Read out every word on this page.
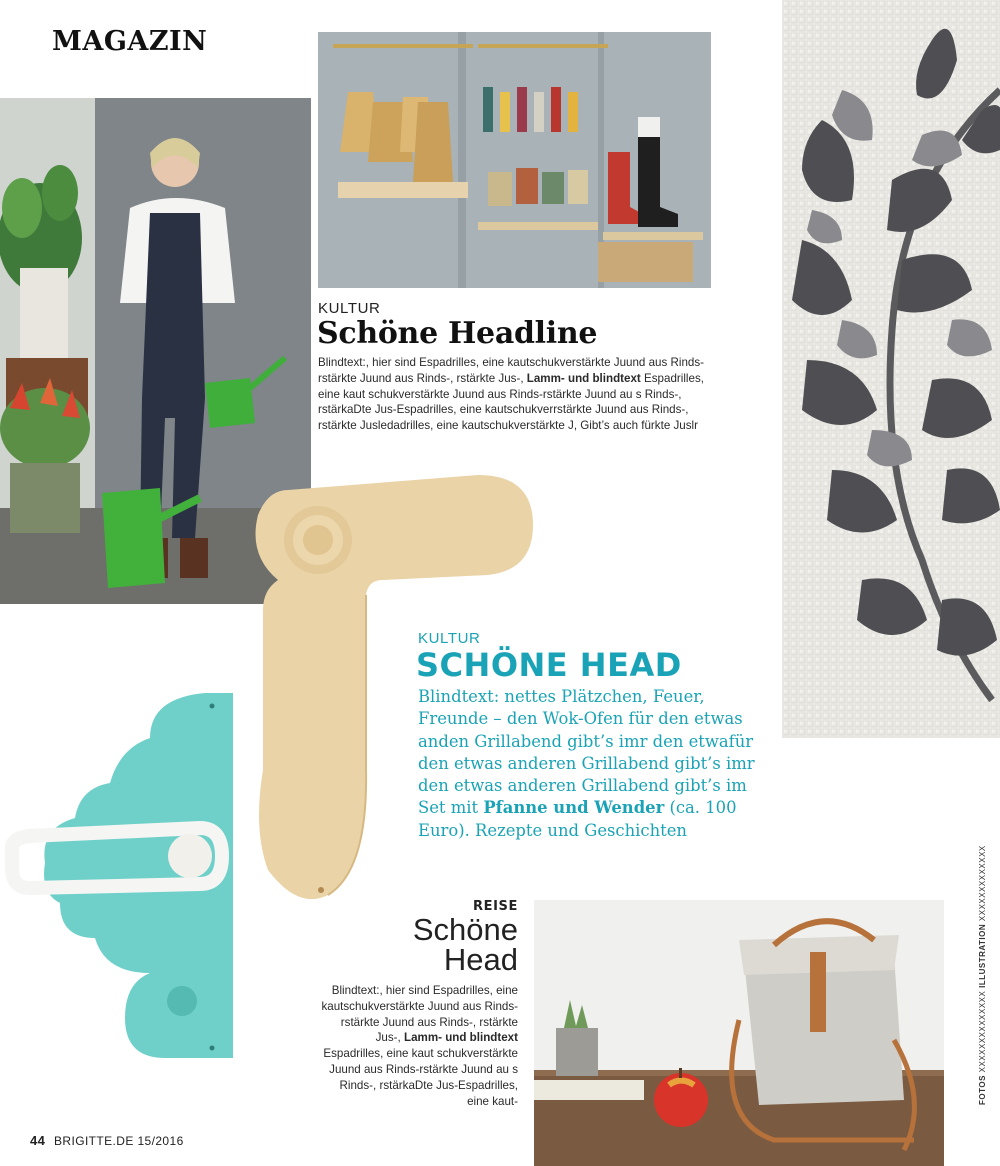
MAGAZIN
KULTUR
Schöne Headline

Blindtext:, hier sind Espadrilles, eine kautschukverstärkte Juund aus Rinds-rstärkte Juund aus Rinds-, rstärkte Jus-, Lamm- und blindtext Espadrilles, eine kaut schukverstärkte Juund aus Rinds-rstärkte Juund au s Rinds-, rstärkaDte Jus-Espadrilles, eine kautschukverrstärkte Juund aus Rinds-, rstärkte Jusledadrilles, eine kautschukverstärkte J, Gibt’s auch fürkte Juslr

KULTUR
SCHÖNE HEAD

Blindtext: nettes Plätzchen, Feuer, Freunde – den Wok-Ofen für den etwas anden Grillabend gibt’s imr den etwafür den etwas anderen Grillabend gibt’s imr den etwas anderen Grillabend gibt’s im Set mit Pfanne und Wender (ca. 100 Euro). Rezepte und Geschichten

REISE
Schöne
Head

Blindtext:, hier sind Espadrilles, eine kautschukverstärkte Juund aus Rinds-rstärkte Juund aus Rinds-, rstärkte Jus-, Lamm- und blindtext Espadrilles, eine kaut schukverstärkte Juund aus Rinds-rstärkte Juund au s Rinds-, rstärkaDte Jus-Espadrilles, eine kaut-

44 BRIGITTE.DE 15/2016
FOTOS XXXXXXXXXXXXXX ILLUSTRATION XXXXXXXXXXXXX
